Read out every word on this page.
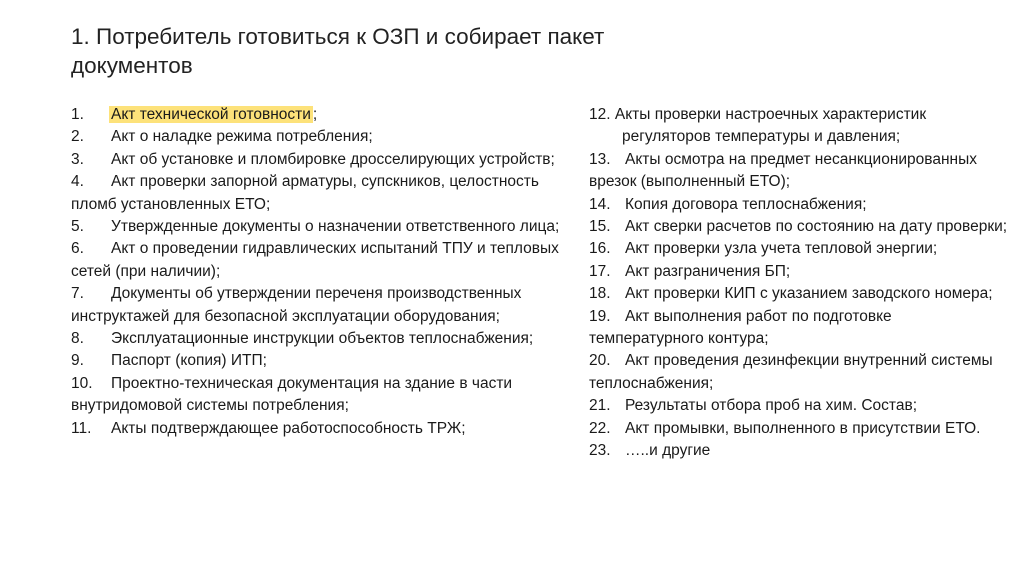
1. Потребитель готовиться к ОЗП и собирает пакет документов
1. Акт технической готовности ;
2. Акт о наладке режима потребления;
3. Акт об установке и пломбировке дросселирующих устройств;
4. Акт проверки запорной арматуры, супскников, целостность пломб установленных ЕТО;
5. Утвержденные документы о назначении ответственного лица;
6. Акт о проведении гидравлических испытаний ТПУ и тепловых сетей (при наличии);
7. Документы об утверждении переченя производственных инструктажей для безопасной эксплуатации оборудования;
8. Эксплуатационные инструкции объектов теплоснабжения;
9. Паспорт (копия) ИТП;
10. Проектно-техническая документация на здание в части внутридомовой системы потребления;
11. Акты подтверждающее работоспособность ТРЖ;
12. Акты проверки настроечных характеристик
регуляторов температуры и давления;
13. Акты осмотра на предмет несанкционированных врезок (выполненный ЕТО);
14. Копия договора теплоснабжения;
15. Акт сверки расчетов по состоянию на дату проверки;
16. Акт проверки узла учета тепловой энергии;
17. Акт разграничения БП;
18. Акт проверки КИП с указанием заводского номера;
19. Акт выполнения работ по подготовке температурного контура;
20. Акт проведения дезинфекции внутренний системы теплоснабжения;
21. Результаты отбора проб на хим. Состав;
22. Акт промывки, выполненного в присутствии ЕТО.
23. …..и другие
